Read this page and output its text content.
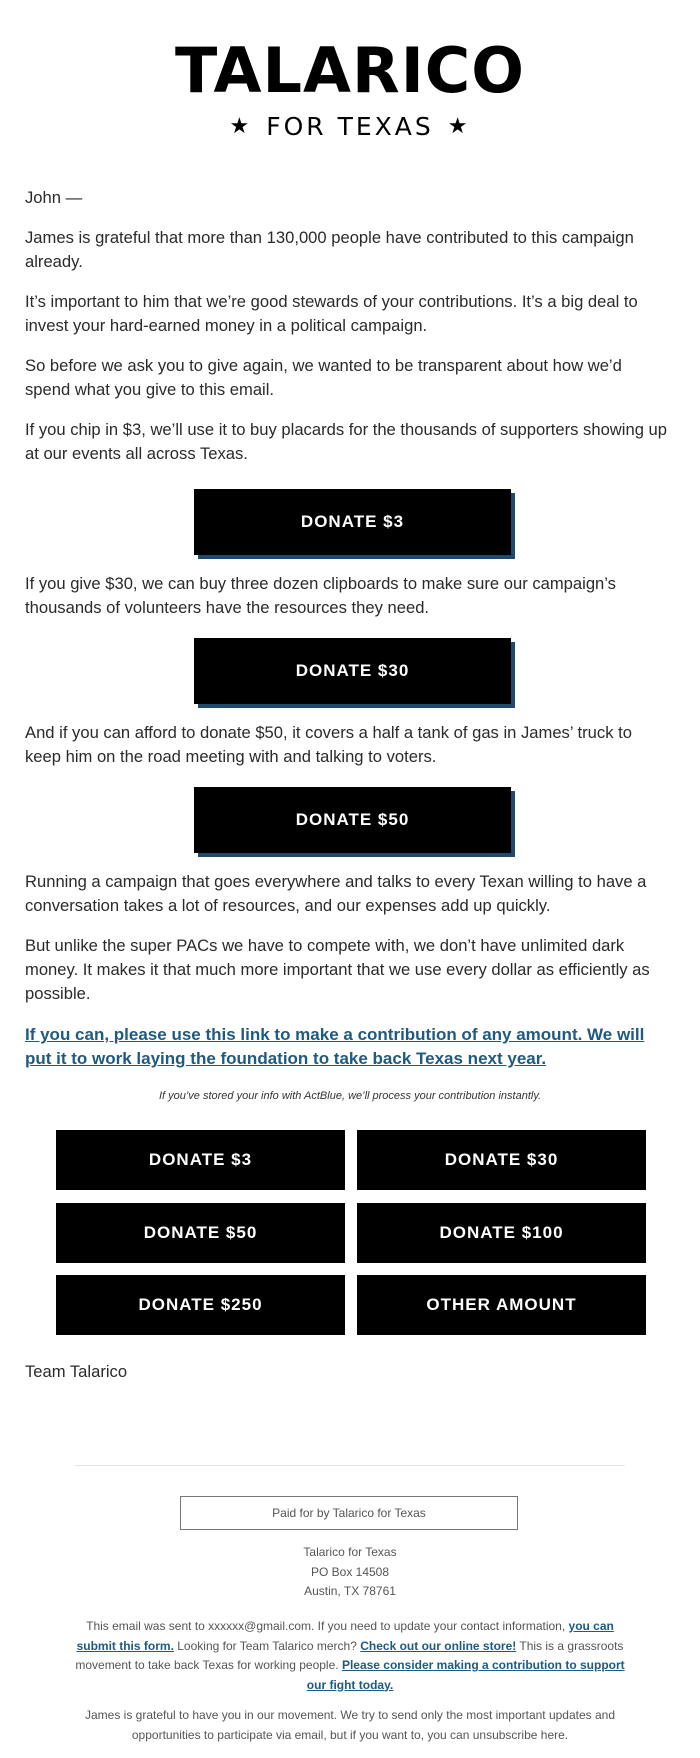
TALARICO
★ FOR TEXAS ★

John —

James is grateful that more than 130,000 people have contributed to this campaign already.

It’s important to him that we’re good stewards of your contributions. It’s a big deal to invest your hard-earned money in a political campaign.

So before we ask you to give again, we wanted to be transparent about how we’d spend what you give to this email.

If you chip in $3, we’ll use it to buy placards for the thousands of supporters showing up at our events all across Texas.

DONATE $3

If you give $30, we can buy three dozen clipboards to make sure our campaign’s thousands of volunteers have the resources they need.

DONATE $30

And if you can afford to donate $50, it covers a half a tank of gas in James’ truck to keep him on the road meeting with and talking to voters.

DONATE $50

Running a campaign that goes everywhere and talks to every Texan willing to have a conversation takes a lot of resources, and our expenses add up quickly.

But unlike the super PACs we have to compete with, we don’t have unlimited dark money. It makes it that much more important that we use every dollar as efficiently as possible.

If you can, please use this link to make a contribution of any amount. We will put it to work laying the foundation to take back Texas next year.
If you’ve stored your info with ActBlue, we’ll process your contribution instantly.
DONATE $3	DONATE $30
DONATE $50	DONATE $100
DONATE $250	OTHER AMOUNT
Team Talarico
Paid for by Talarico for Texas
Talarico for Texas
PO Box 14508
Austin, TX 78761
This email was sent to xxxxxx@gmail.com. If you need to update your contact information, you can submit this form. Looking for Team Talarico merch? Check out our online store! This is a grassroots movement to take back Texas for working people. Please consider making a contribution to support our fight today.
James is grateful to have you in our movement. We try to send only the most important updates and opportunities to participate via email, but if you want to, you can unsubscribe here.
